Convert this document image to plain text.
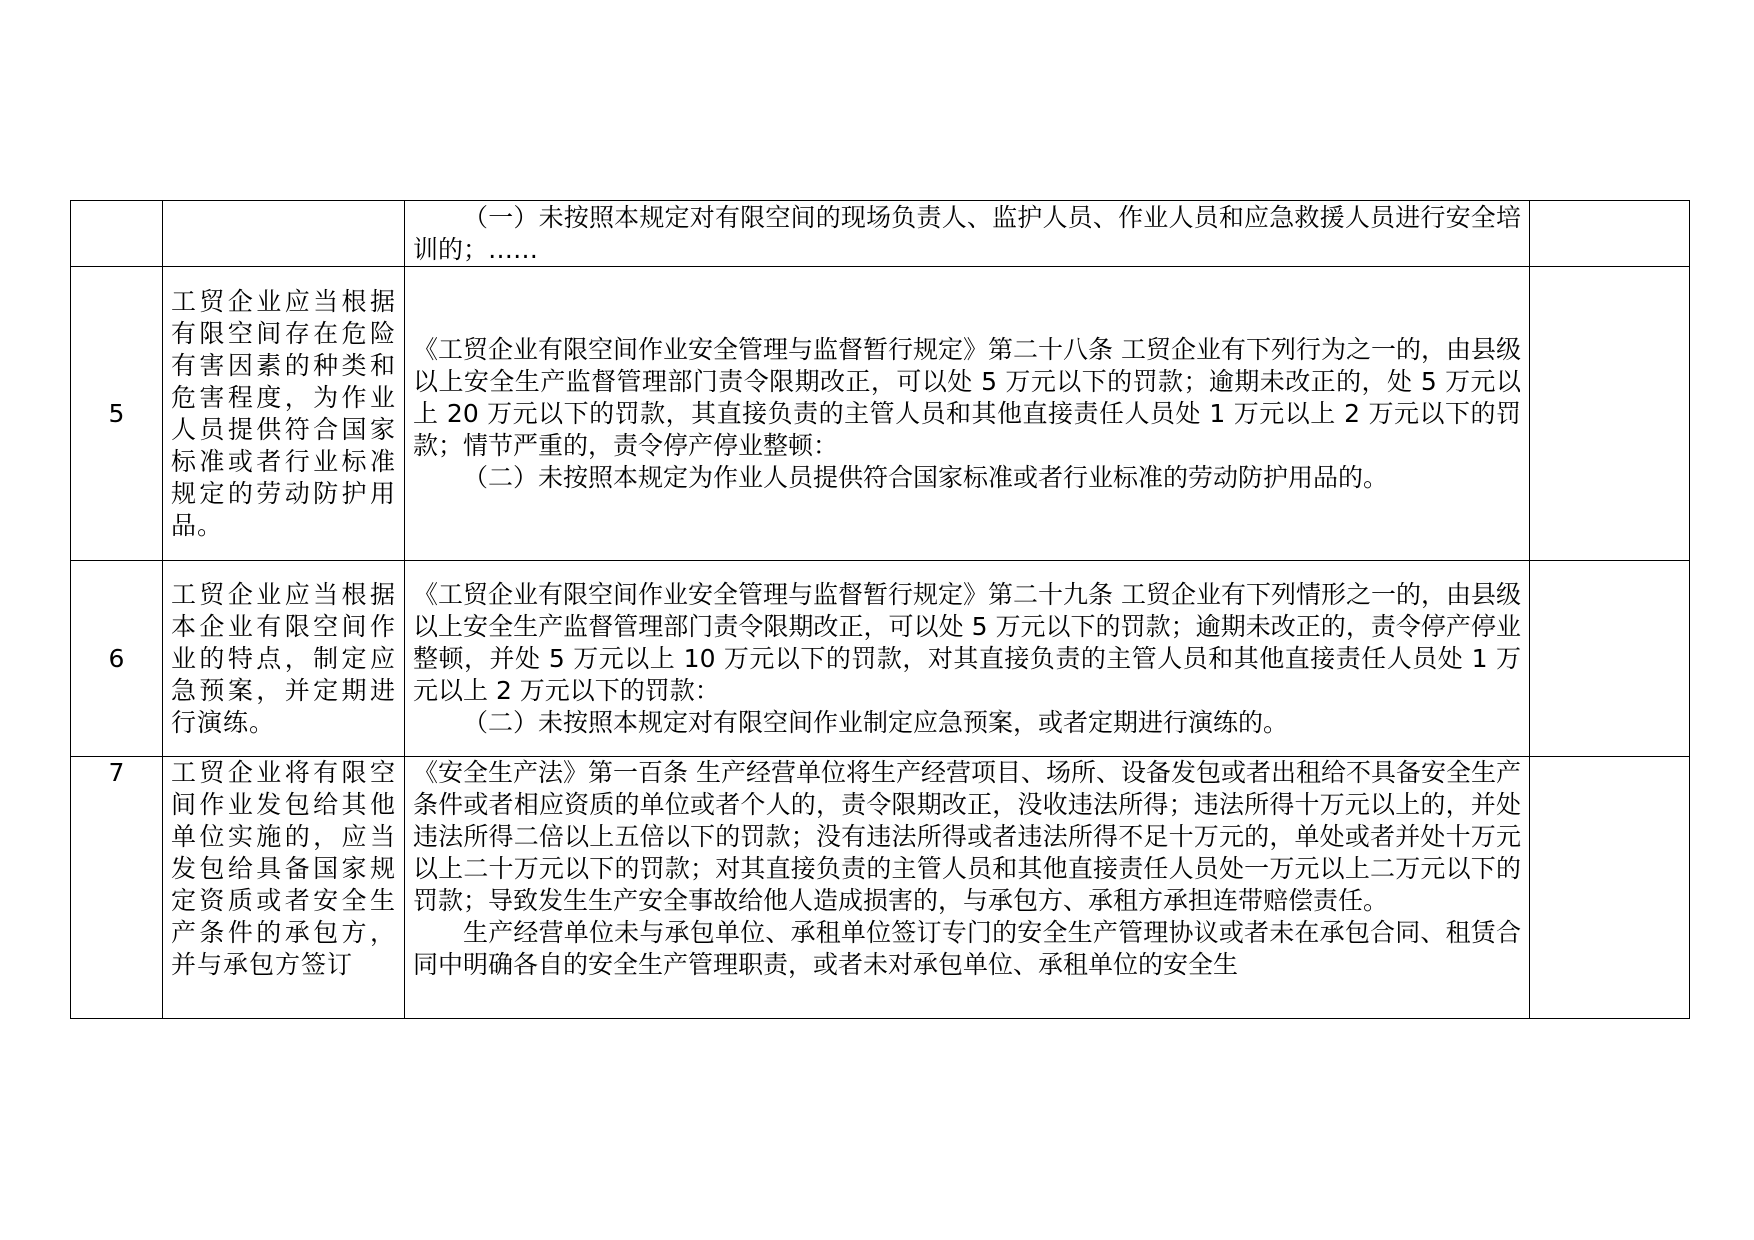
		（一）未按照本规定对有限空间的现场负责人、监护人员、作业人员和应急救援人员进行安全培训的；……	

5	工贸企业应当根据有限空间存在危险有害因素的种类和危害程度，为作业人员提供符合国家标准或者行业标准规定的劳动防护用品。	《工贸企业有限空间作业安全管理与监督暂行规定》第二十八条 工贸企业有下列行为之一的，由县级以上安全生产监督管理部门责令限期改正，可以处 5 万元以下的罚款；逾期未改正的，处 5 万元以上 20 万元以下的罚款，其直接负责的主管人员和其他直接责任人员处 1 万元以上 2 万元以下的罚款；情节严重的，责令停产停业整顿：

（二）未按照本规定为作业人员提供符合国家标准或者行业标准的劳动防护用品的。	

6	工贸企业应当根据本企业有限空间作业的特点，制定应急预案，并定期进行演练。	《工贸企业有限空间作业安全管理与监督暂行规定》第二十九条 工贸企业有下列情形之一的，由县级以上安全生产监督管理部门责令限期改正，可以处 5 万元以下的罚款；逾期未改正的，责令停产停业整顿，并处 5 万元以上 10 万元以下的罚款，对其直接负责的主管人员和其他直接责任人员处 1 万元以上 2 万元以下的罚款：

（二）未按照本规定对有限空间作业制定应急预案，或者定期进行演练的。	

7	工贸企业将有限空间作业发包给其他单位实施的，应当发包给具备国家规定资质或者安全生产条件的承包方，并与承包方签订	《安全生产法》第一百条 生产经营单位将生产经营项目、场所、设备发包或者出租给不具备安全生产条件或者相应资质的单位或者个人的，责令限期改正，没收违法所得；违法所得十万元以上的，并处违法所得二倍以上五倍以下的罚款；没有违法所得或者违法所得不足十万元的，单处或者并处十万元以上二十万元以下的罚款；对其直接负责的主管人员和其他直接责任人员处一万元以上二万元以下的罚款；导致发生生产安全事故给他人造成损害的，与承包方、承租方承担连带赔偿责任。

生产经营单位未与承包单位、承租单位签订专门的安全生产管理协议或者未在承包合同、租赁合同中明确各自的安全生产管理职责，或者未对承包单位、承租单位的安全生	
